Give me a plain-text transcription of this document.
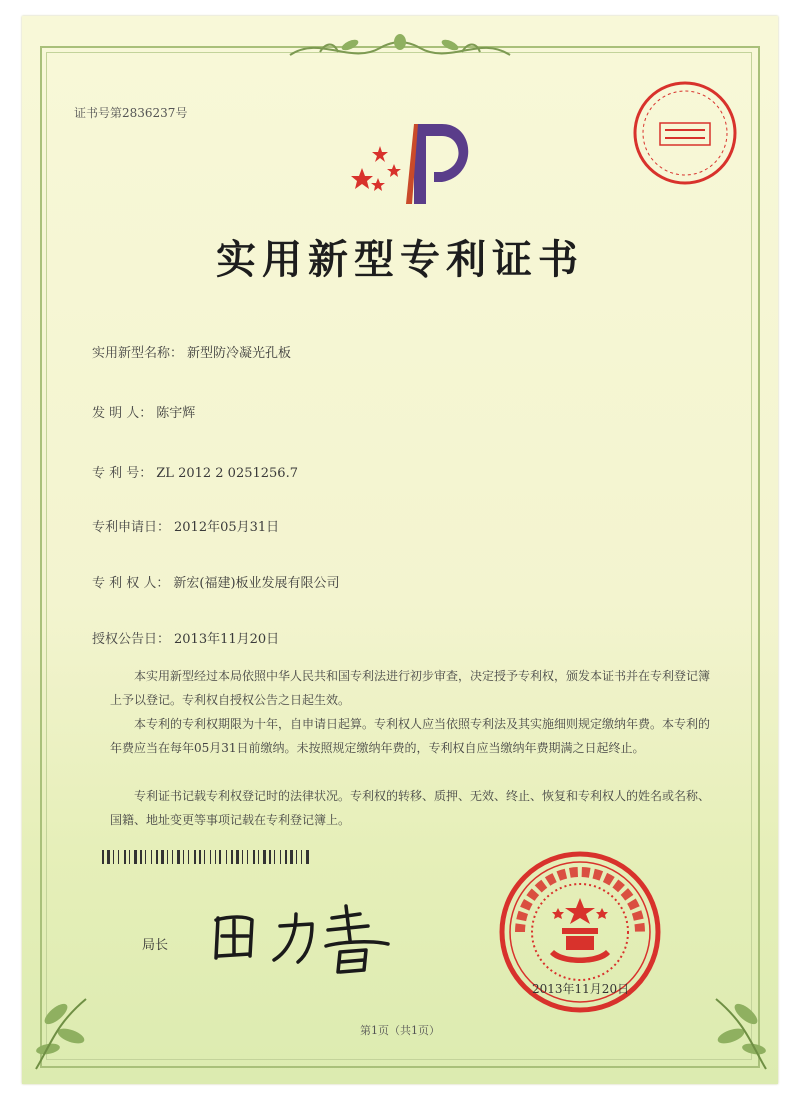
证书号第2836237号
实用新型专利证书
实用新型名称： 新型防冷凝光孔板
发 明 人： 陈宇辉
专 利 号： ZL 2012 2 0251256.7
专利申请日： 2012年05月31日
专 利 权 人： 新宏(福建)板业发展有限公司
授权公告日： 2013年11月20日
本实用新型经过本局依照中华人民共和国专利法进行初步审查，决定授予专利权，颁发本证书并在专利登记簿上予以登记。专利权自授权公告之日起生效。
本专利的专利权期限为十年，自申请日起算。专利权人应当依照专利法及其实施细则规定缴纳年费。本专利的年费应当在每年05月31日前缴纳。未按照规定缴纳年费的，专利权自应当缴纳年费期满之日起终止。
专利证书记载专利权登记时的法律状况。专利权的转移、质押、无效、终止、恢复和专利权人的姓名或名称、国籍、地址变更等事项记载在专利登记簿上。
局长
2013年11月20日
第1页（共1页）
